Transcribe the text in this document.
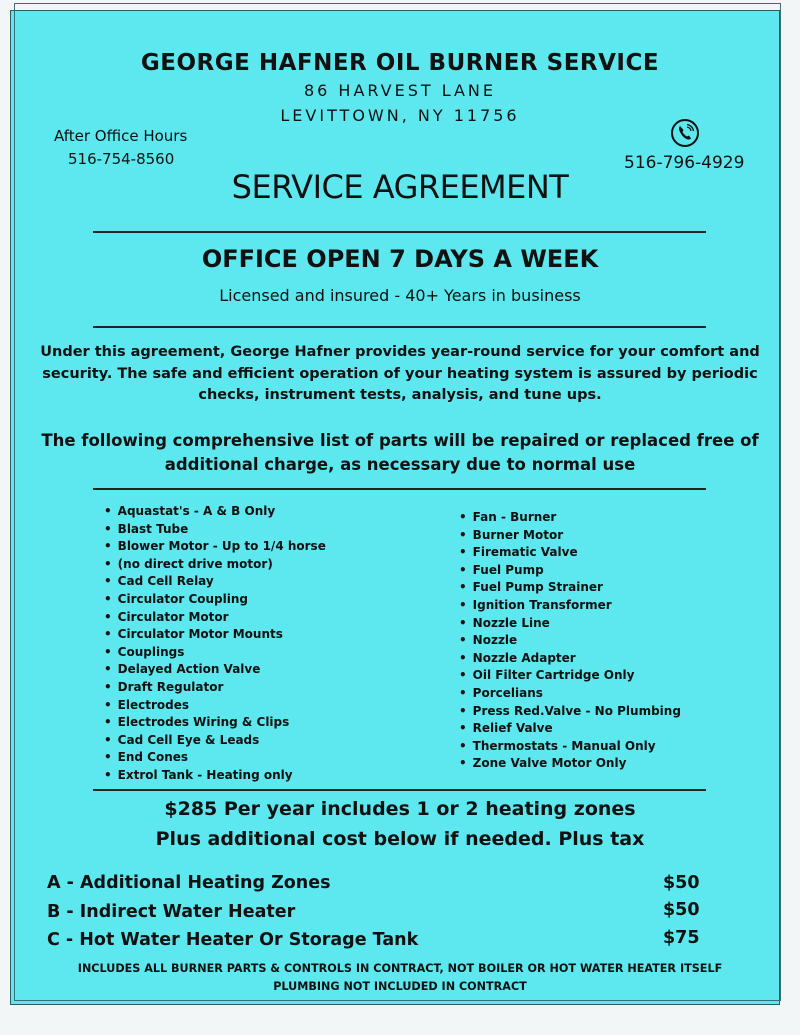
GEORGE HAFNER OIL BURNER SERVICE
86 HARVEST LANE
LEVITTOWN, NY 11756
After Office Hours
516-754-8560	516-796-4929
SERVICE AGREEMENT
OFFICE OPEN 7 DAYS A WEEK
Licensed and insured - 40+ Years in business
Under this agreement, George Hafner provides year-round service for your comfort and security. The safe and efficient operation of your heating system is assured by periodic checks, instrument tests, analysis, and tune ups.
The following comprehensive list of parts will be repaired or replaced free of additional charge, as necessary due to normal use
• Aquastat's - A & B Only
• Blast Tube
• Blower Motor - Up to 1/4 horse
• (no direct drive motor)
• Cad Cell Relay
• Circulator Coupling
• Circulator Motor
• Circulator Motor Mounts
• Couplings
• Delayed Action Valve
• Draft Regulator
• Electrodes
• Electrodes Wiring & Clips
• Cad Cell Eye & Leads
• End Cones
• Extrol Tank - Heating only
• Fan - Burner
• Burner Motor
• Firematic Valve
• Fuel Pump
• Fuel Pump Strainer
• Ignition Transformer
• Nozzle Line
• Nozzle
• Nozzle Adapter
• Oil Filter Cartridge Only
• Porcelians
• Press Red.Valve - No Plumbing
• Relief Valve
• Thermostats - Manual Only
• Zone Valve Motor Only
$285 Per year includes 1 or 2 heating zones
Plus additional cost below if needed. Plus tax
A - Additional Heating Zones	$50
B - Indirect Water Heater	$50
C - Hot Water Heater Or Storage Tank	$75
INCLUDES ALL BURNER PARTS & CONTROLS IN CONTRACT, NOT BOILER OR HOT WATER HEATER ITSELF
PLUMBING NOT INCLUDED IN CONTRACT
